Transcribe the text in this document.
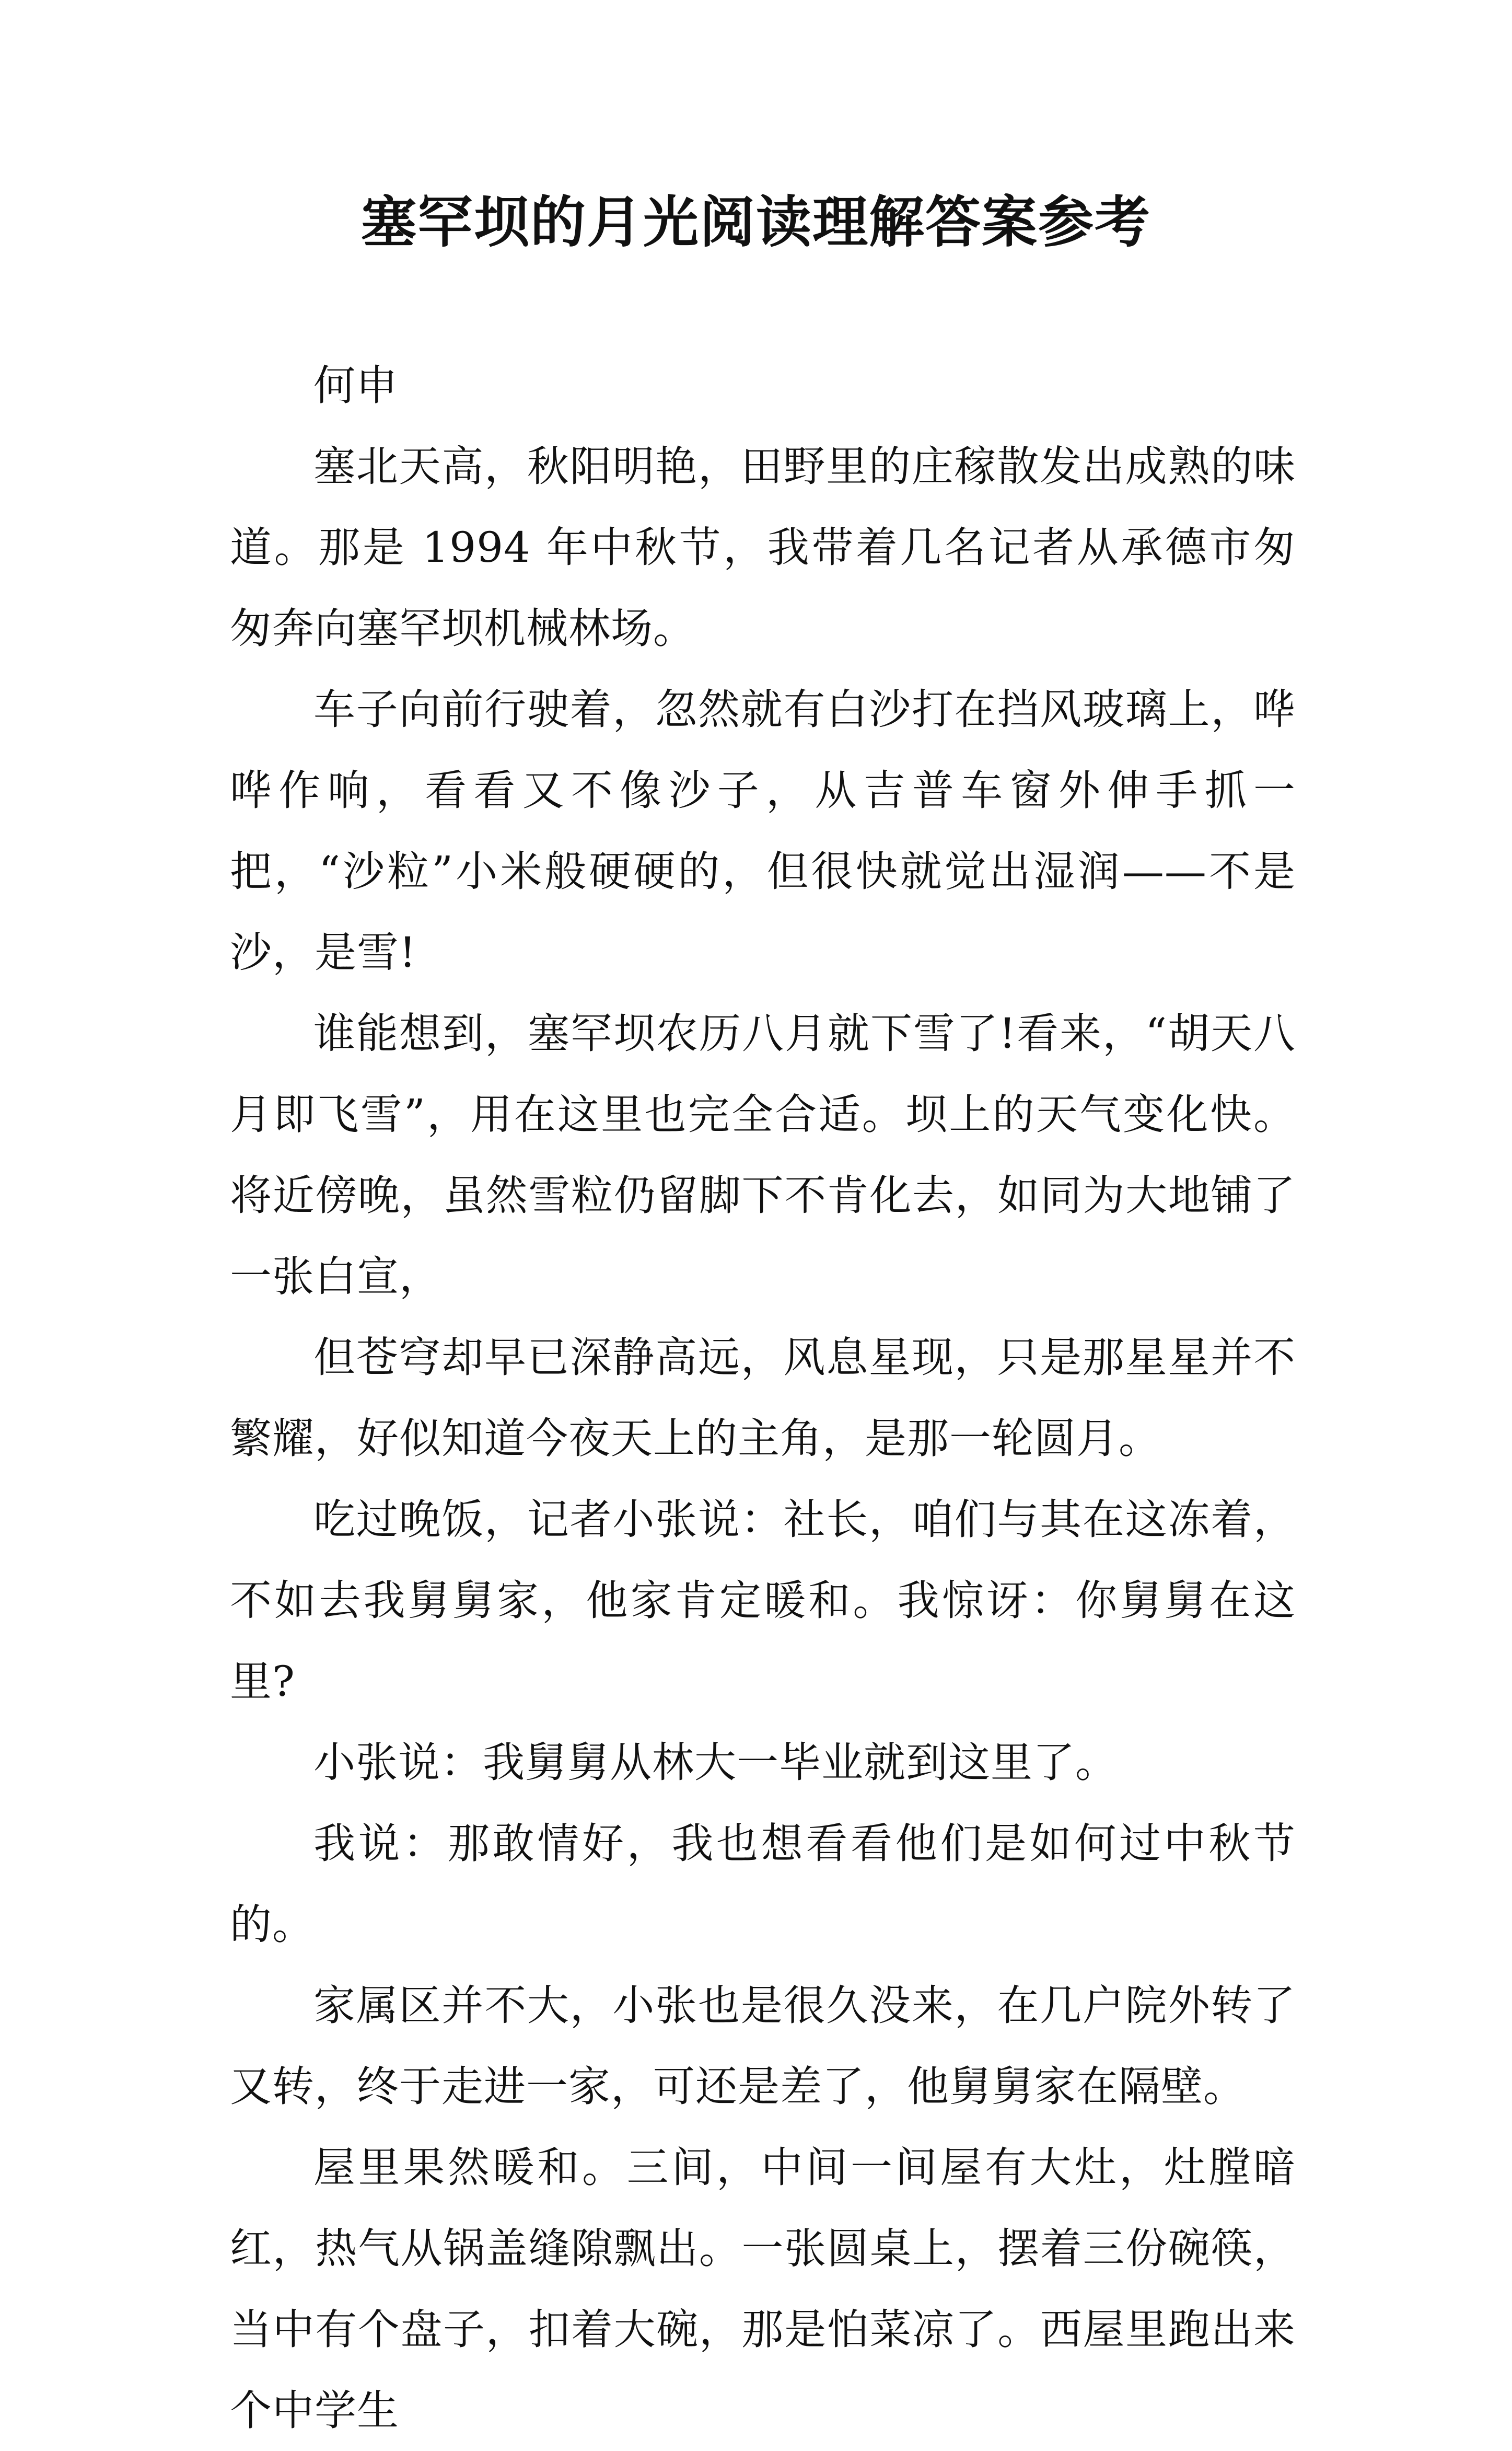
塞罕坝的月光阅读理解答案参考

何申

塞北天高，秋阳明艳，田野里的庄稼散发出成熟的味道。那是 1994 年中秋节，我带着几名记者从承德市匆匆奔向塞罕坝机械林场。

车子向前行驶着，忽然就有白沙打在挡风玻璃上，哗哗作响，看看又不像沙子，从吉普车窗外伸手抓一把，“沙粒”小米般硬硬的，但很快就觉出湿润——不是沙，是雪!

谁能想到，塞罕坝农历八月就下雪了!看来，“胡天八月即飞雪”，用在这里也完全合适。坝上的天气变化快。将近傍晚，虽然雪粒仍留脚下不肯化去，如同为大地铺了一张白宣，

但苍穹却早已深静高远，风息星现，只是那星星并不繁耀，好似知道今夜天上的主角，是那一轮圆月。

吃过晚饭，记者小张说：社长，咱们与其在这冻着，不如去我舅舅家，他家肯定暖和。我惊讶：你舅舅在这里?

小张说：我舅舅从林大一毕业就到这里了。

我说：那敢情好，我也想看看他们是如何过中秋节的。

家属区并不大，小张也是很久没来，在几户院外转了又转，终于走进一家，可还是差了，他舅舅家在隔壁。

屋里果然暖和。三间，中间一间屋有大灶，灶膛暗红，热气从锅盖缝隙飘出。一张圆桌上，摆着三份碗筷，当中有个盘子，扣着大碗，那是怕菜凉了。西屋里跑出来个中学生
